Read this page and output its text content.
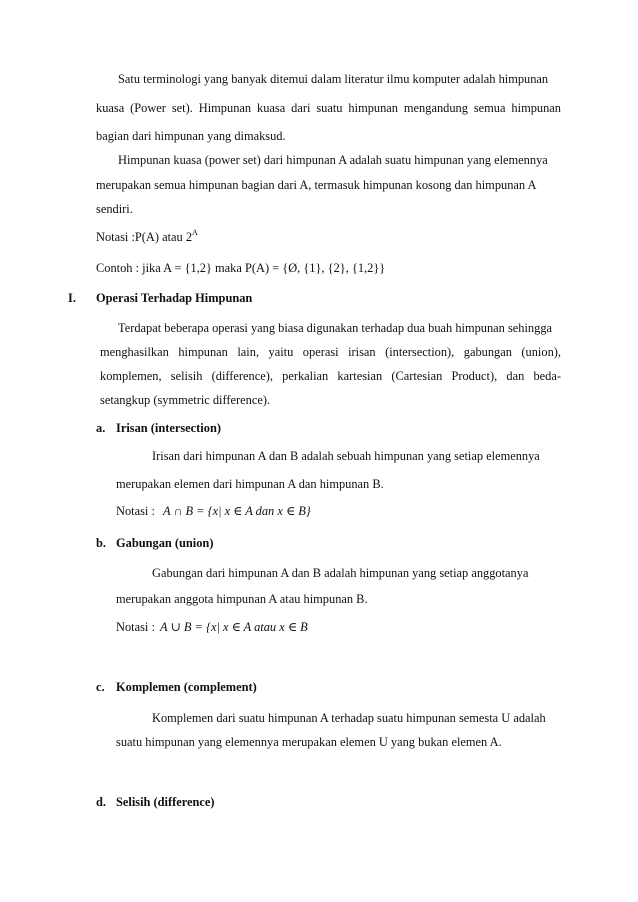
Satu terminologi yang banyak ditemui dalam literatur ilmu komputer adalah himpunan
kuasa (Power set). Himpunan kuasa dari suatu himpunan mengandung semua himpunan
bagian dari himpunan yang dimaksud.
Himpunan kuasa (power set) dari himpunan A adalah suatu himpunan yang elemennya
merupakan semua himpunan bagian dari A, termasuk himpunan kosong dan himpunan A
sendiri.
Notasi :P(A) atau $2^A$
Contoh : jika A = {1,2} maka P(A) = {Ø, {1}, {2}, {1,2}}
I. Operasi Terhadap Himpunan
Terdapat beberapa operasi yang biasa digunakan terhadap dua buah himpunan sehingga
menghasilkan himpunan lain, yaitu operasi irisan (intersection), gabungan (union),
komplemen, selisih (difference), perkalian kartesian (Cartesian Product), dan beda-
setangkup (symmetric difference).
a. Irisan (intersection)
Irisan dari himpunan A dan B adalah sebuah himpunan yang setiap elemennya
merupakan elemen dari himpunan A dan himpunan B.
Notasi : A ∩ B = {x| x ∈ A dan x ∈ B}
b. Gabungan (union)
Gabungan dari himpunan A dan B adalah himpunan yang setiap anggotanya
merupakan anggota himpunan A atau himpunan B.
Notasi : A ∪ B = {x| x ∈ A atau x ∈ B
c. Komplemen (complement)
Komplemen dari suatu himpunan A terhadap suatu himpunan semesta U adalah
suatu himpunan yang elemennya merupakan elemen U yang bukan elemen A.
d. Selisih (difference)
